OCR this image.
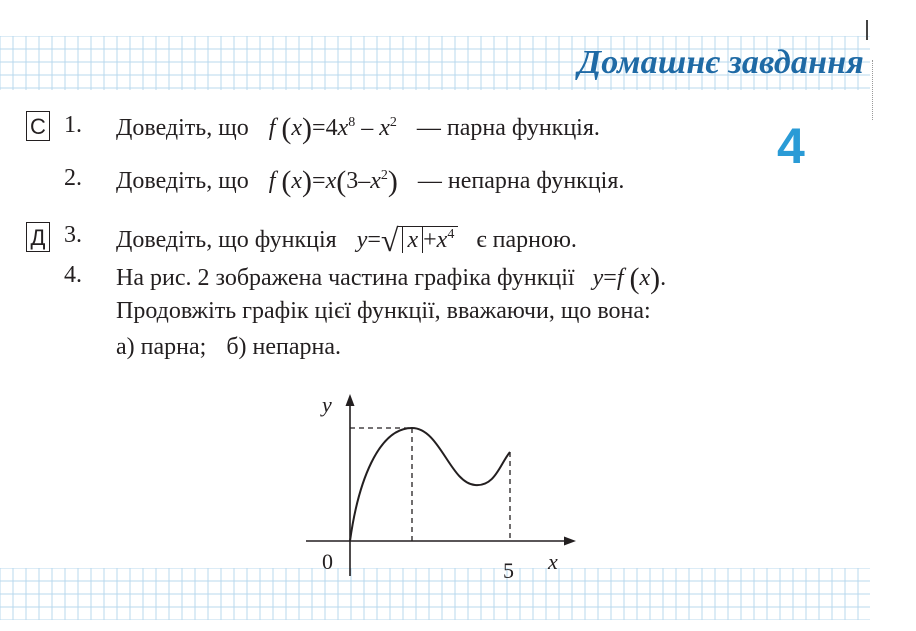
Домашнє завдання
4
С 1. Доведіть, що f $(x)=4x^8 - x^2$ — парна функція.
2. Доведіть, що f $(x)=x(3-x^2)$ — непарна функція.
Д 3. Доведіть, що функція y=√ $x +x^4$ є парною.
4. На рис. 2 зображена частина графіка функції y=f (x).
Продовжіть графік цієї функції, вважаючи, що вона:
а) парна; б) непарна.
y
0	5 x
